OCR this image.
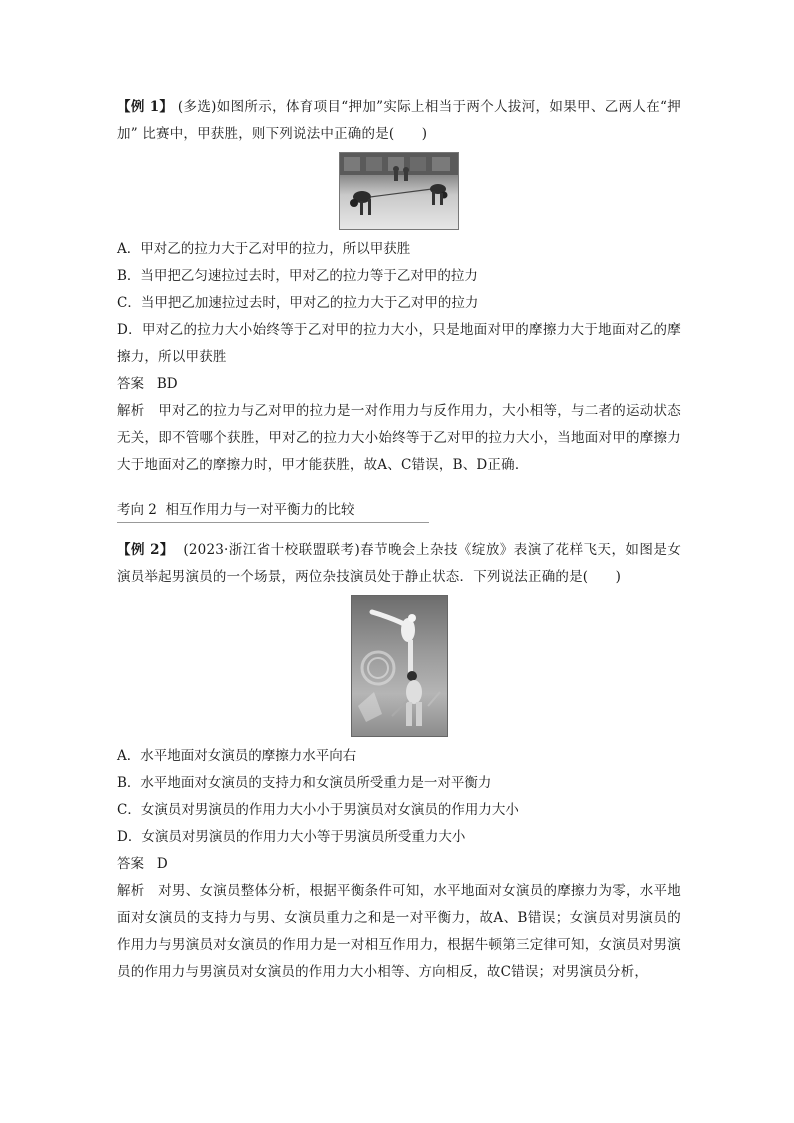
【例 1】 (多选)如图所示，体育项目“押加”实际上相当于两个人拔河，如果甲、乙两人在“押加” 比赛中，甲获胜，则下列说法中正确的是(　　)

A．甲对乙的拉力大于乙对甲的拉力，所以甲获胜

B．当甲把乙匀速拉过去时，甲对乙的拉力等于乙对甲的拉力

C．当甲把乙加速拉过去时，甲对乙的拉力大于乙对甲的拉力

D．甲对乙的拉力大小始终等于乙对甲的拉力大小，只是地面对甲的摩擦力大于地面对乙的摩擦力，所以甲获胜

答案 BD

解析 甲对乙的拉力与乙对甲的拉力是一对作用力与反作用力，大小相等，与二者的运动状态无关，即不管哪个获胜，甲对乙的拉力大小始终等于乙对甲的拉力大小，当地面对甲的摩擦力大于地面对乙的摩擦力时，甲才能获胜，故A、C错误，B、D正确．

考向 2 相互作用力与一对平衡力的比较

【例 2】 (2023·浙江省十校联盟联考)春节晚会上杂技《绽放》表演了花样飞天，如图是女演员举起男演员的一个场景，两位杂技演员处于静止状态．下列说法正确的是(　　)

A．水平地面对女演员的摩擦力水平向右

B．水平地面对女演员的支持力和女演员所受重力是一对平衡力

C．女演员对男演员的作用力大小小于男演员对女演员的作用力大小

D．女演员对男演员的作用力大小等于男演员所受重力大小

答案 D

解析 对男、女演员整体分析，根据平衡条件可知，水平地面对女演员的摩擦力为零，水平地面对女演员的支持力与男、女演员重力之和是一对平衡力，故A、B错误；女演员对男演员的作用力与男演员对女演员的作用力是一对相互作用力，根据牛顿第三定律可知，女演员对男演员的作用力与男演员对女演员的作用力大小相等、方向相反，故C错误；对男演员分析，
